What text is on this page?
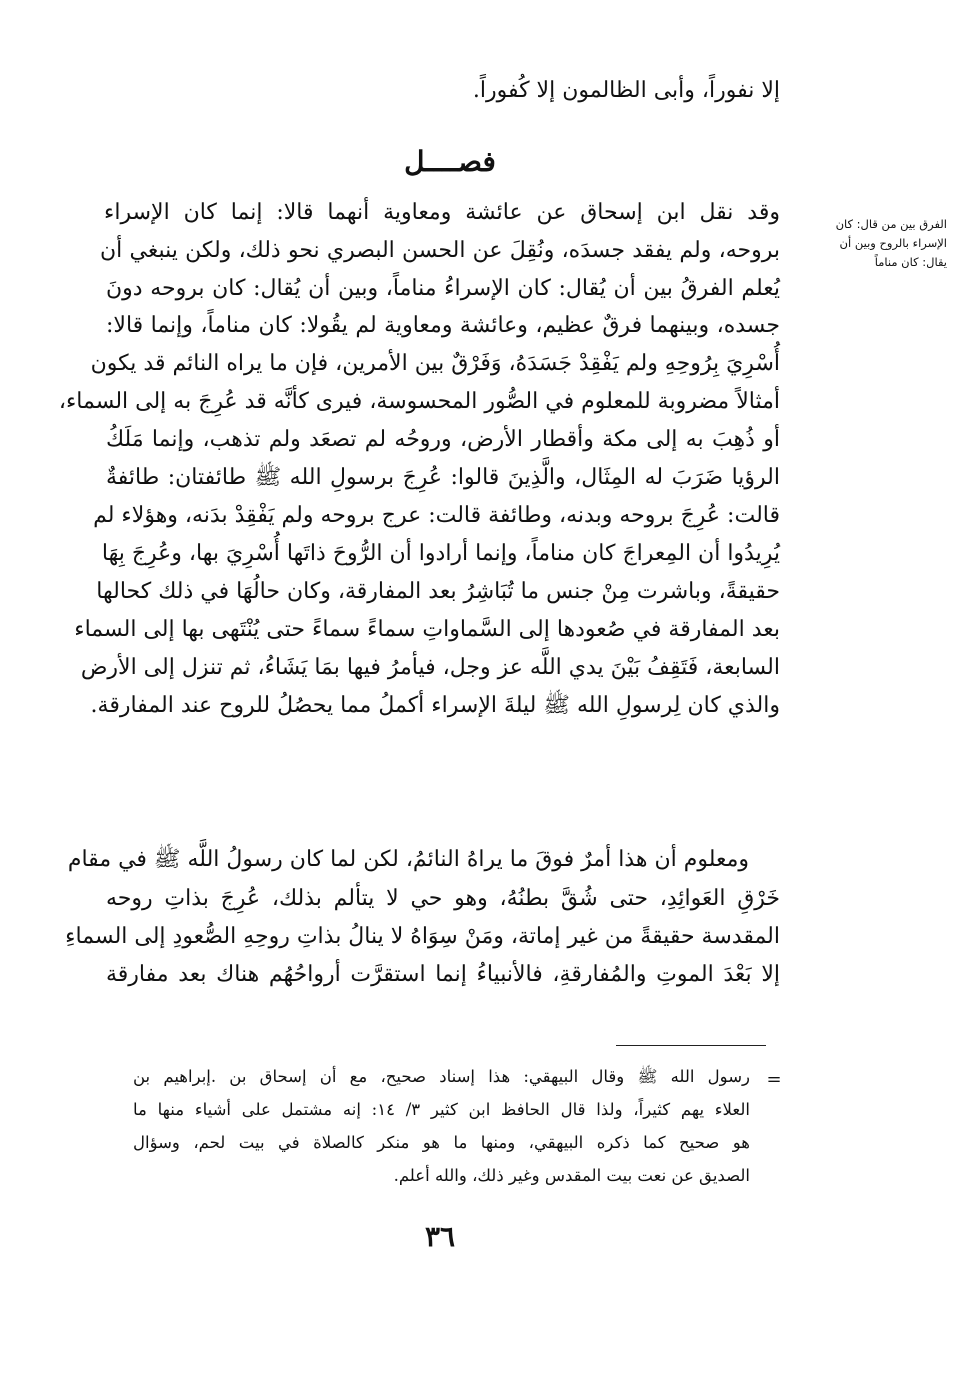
إلا نفوراً، وأبى الظالمون إلا كُفوراً.
فصــــل
الفرق بين من قال: كان
الإسراء بالروح وبين أن
يقال: كان مناماً
وقد نقل ابن إسحاق عن عائشة ومعاوية أنهما قالا: إنما كان الإسراء
بروحه، ولم يفقد جسدَه، ونُقِلَ عن الحسن البصري نحو ذلك، ولكن ينبغي أن
يُعلم الفرقُ بين أن يُقال: كان الإسراءُ مناماً، وبين أن يُقال: كان بروحه دونَ
جسده، وبينهما فرقٌ عظيم، وعائشة ومعاوية لم يقُولا: كان مناماً، وإنما قالا:
أُسْرِيَ بِرُوحِهِ ولم يَفْقِدْ جَسَدَهُ، وَفَرْقٌ بين الأمرين، فإن ما يراه النائم قد يكون
أمثالاً مضروبة للمعلوم في الصُّور المحسوسة، فيرى كأنَّه قد عُرِجَ به إلى السماء،
أو ذُهِبَ به إلى مكة وأقطار الأرض، وروحُه لم تصعَد ولم تذهب، وإنما مَلَكُ
الرؤيا ضَرَبَ له المِثَال، والَّذِينَ قالوا: عُرِجَ برسولِ الله ﷺ طائفتان: طائفةٌ
قالت: عُرِجَ بروحه وبدنه، وطائفة قالت: عرج بروحه ولم يَفْقِدْ بدَنه، وهؤلاء لم
يُرِيدُوا أن المِعراجَ كان مناماً، وإنما أرادوا أن الرُّوحَ ذاتَها أُسْرِيَ بها، وعُرِجَ بِهَا
حقيقةً، وباشرت مِنْ جنس ما تُبَاشِرُ بعد المفارقة، وكان حالُهَا في ذلك كحالها
بعد المفارقة في صُعودها إلى السَّماواتِ سماءً سماءً حتى يُنْتَهى بها إلى السماء
السابعة، فَتَقِفُ بَيْنَ يدي اللَّه عز وجل، فيأمرُ فيها بمَا يَشَاءُ، ثم تنزل إلى الأرض
والذي كان لِرسولِ الله ﷺ ليلةَ الإسراء أكملُ مما يحصُلُ للروح عند المفارقة.
ومعلوم أن هذا أمرٌ فوقَ ما يراهُ النائمُ، لكن لما كان رسولُ اللَّه ﷺ في مقام
خَرْقِ العَوائِدِ، حتى شُقَّ بطنُهُ، وهو حي لا يتألم بذلك، عُرِجَ بذاتِ روحه
المقدسة حقيقةً من غير إماتة، ومَنْ سِوَاهُ لا ينالُ بذاتِ روحِهِ الصُّعودِ إلى السماءِ
إلا بَعْدَ الموتِ والمُفارقةِ، فالأنبياءُ إنما استقرَّت أرواحُهُم هناك بعد مفارقة
=
رسول الله ﷺ وقال البيهقي: هذا إسناد صحيح، مع أن إسحاق بن .إبراهيم بن
العلاء يهم كثيراً، ولذا قال الحافظ ابن كثير ٣/ ١٤: إنه مشتمل على أشياء منها ما
هو صحيح كما ذكره البيهقي، ومنها ما هو منكر كالصلاة في بيت لحم، وسؤال
الصديق عن نعت بيت المقدس وغير ذلك، والله أعلم.
٣٦
